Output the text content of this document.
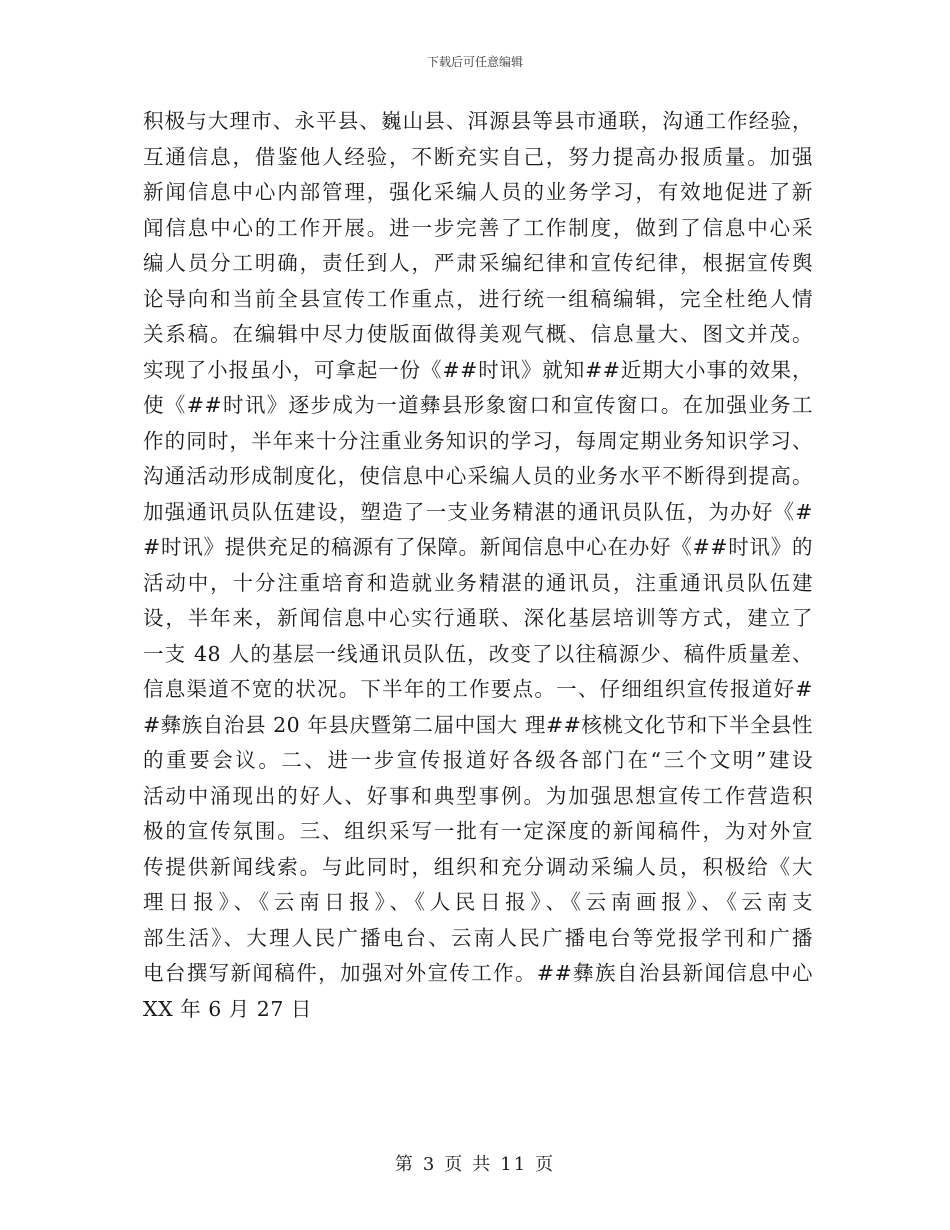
下载后可任意编辑
积极与大理市、永平县、巍山县、洱源县等县市通联，沟通工作经验，
互通信息，借鉴他人经验，不断充实自己，努力提高办报质量。加强
新闻信息中心内部管理，强化采编人员的业务学习，有效地促进了新
闻信息中心的工作开展。进一步完善了工作制度，做到了信息中心采
编人员分工明确，责任到人，严肃采编纪律和宣传纪律，根据宣传舆
论导向和当前全县宣传工作重点，进行统一组稿编辑，完全杜绝人情
关系稿。在编辑中尽力使版面做得美观气概、信息量大、图文并茂。
实现了小报虽小，可拿起一份《##时讯》就知##近期大小事的效果，
使《##时讯》逐步成为一道彝县形象窗口和宣传窗口。在加强业务工
作的同时，半年来十分注重业务知识的学习，每周定期业务知识学习、
沟通活动形成制度化，使信息中心采编人员的业务水平不断得到提高。
加强通讯员队伍建设，塑造了一支业务精湛的通讯员队伍，为办好《#
#时讯》提供充足的稿源有了保障。新闻信息中心在办好《##时讯》的
活动中，十分注重培育和造就业务精湛的通讯员，注重通讯员队伍建
设，半年来，新闻信息中心实行通联、深化基层培训等方式，建立了
一支 48 人的基层一线通讯员队伍，改变了以往稿源少、稿件质量差、
信息渠道不宽的状况。下半年的工作要点。一、仔细组织宣传报道好#
#彝族自治县 20 年县庆暨第二届中国大 理##核桃文化节和下半全县性
的重要会议。二、进一步宣传报道好各级各部门在“三个文明”建设
活动中涌现出的好人、好事和典型事例。为加强思想宣传工作营造积
极的宣传氛围。三、组织采写一批有一定深度的新闻稿件，为对外宣
传提供新闻线索。与此同时，组织和充分调动采编人员，积极给《大
理日报》、《云南日报》、《人民日报》、《云南画报》、《云南支
部生活》、大理人民广播电台、云南人民广播电台等党报学刊和广播
电台撰写新闻稿件，加强对外宣传工作。##彝族自治县新闻信息中心
XX 年 6 月 27 日
第 3 页 共 11 页
